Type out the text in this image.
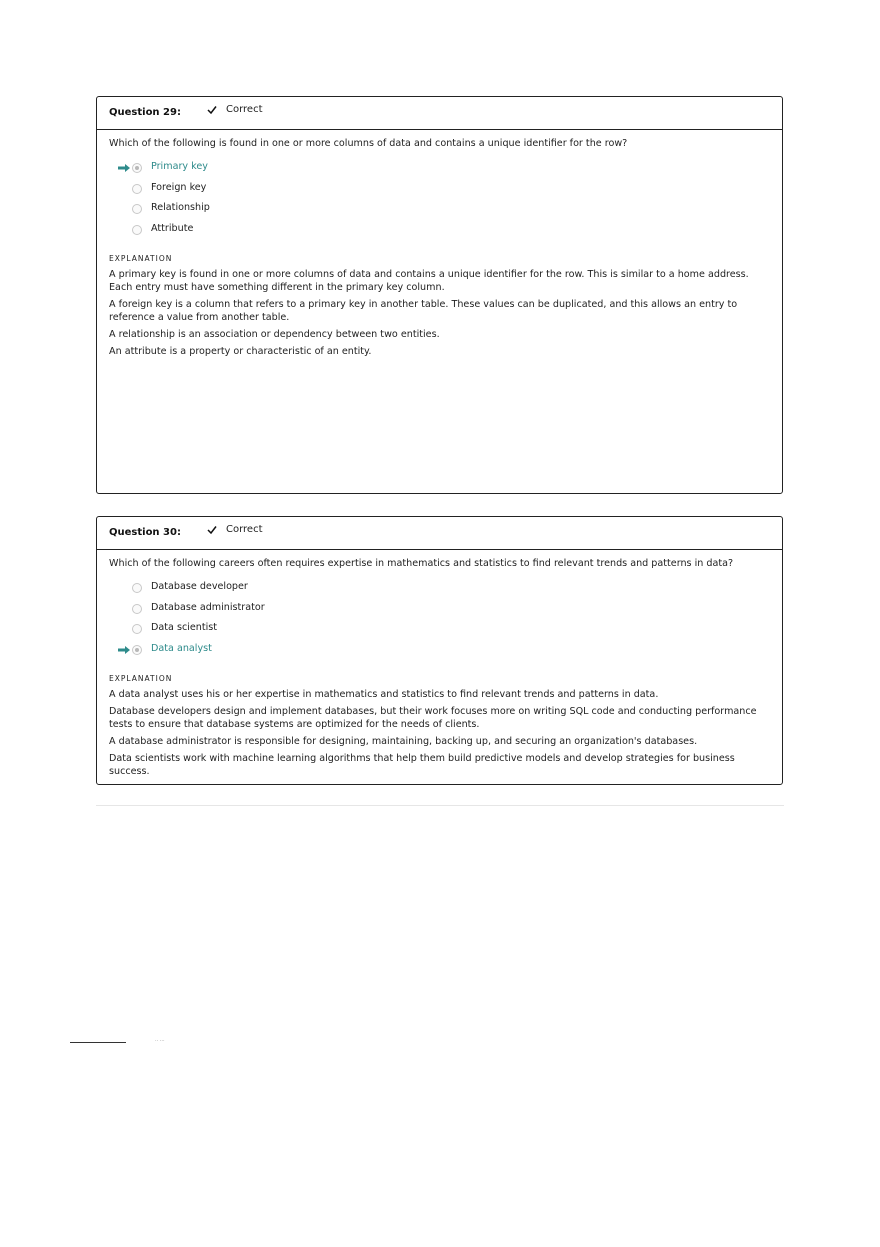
Question 29:	Correct

Which of the following is found in one or more columns of data and contains a unique identifier for the row?

Primary key
Foreign key
Relationship
Attribute
EXPLANATION

A primary key is found in one or more columns of data and contains a unique identifier for the row. This is similar to a home address. Each entry must have something different in the primary key column.

A foreign key is a column that refers to a primary key in another table. These values can be duplicated, and this allows an entry to reference a value from another table.

A relationship is an association or dependency between two entities.

An attribute is a property or characteristic of an entity.

Question 30:	Correct

Which of the following careers often requires expertise in mathematics and statistics to find relevant trends and patterns in data?

Database developer
Database administrator
Data scientist
Data analyst
EXPLANATION

A data analyst uses his or her expertise in mathematics and statistics to find relevant trends and patterns in data.

Database developers design and implement databases, but their work focuses more on writing SQL code and conducting performance tests to ensure that database systems are optimized for the needs of clients.

A database administrator is responsible for designing, maintaining, backing up, and securing an organization's databases.

Data scientists work with machine learning algorithms that help them build predictive models and develop strategies for business success.

·· ···
